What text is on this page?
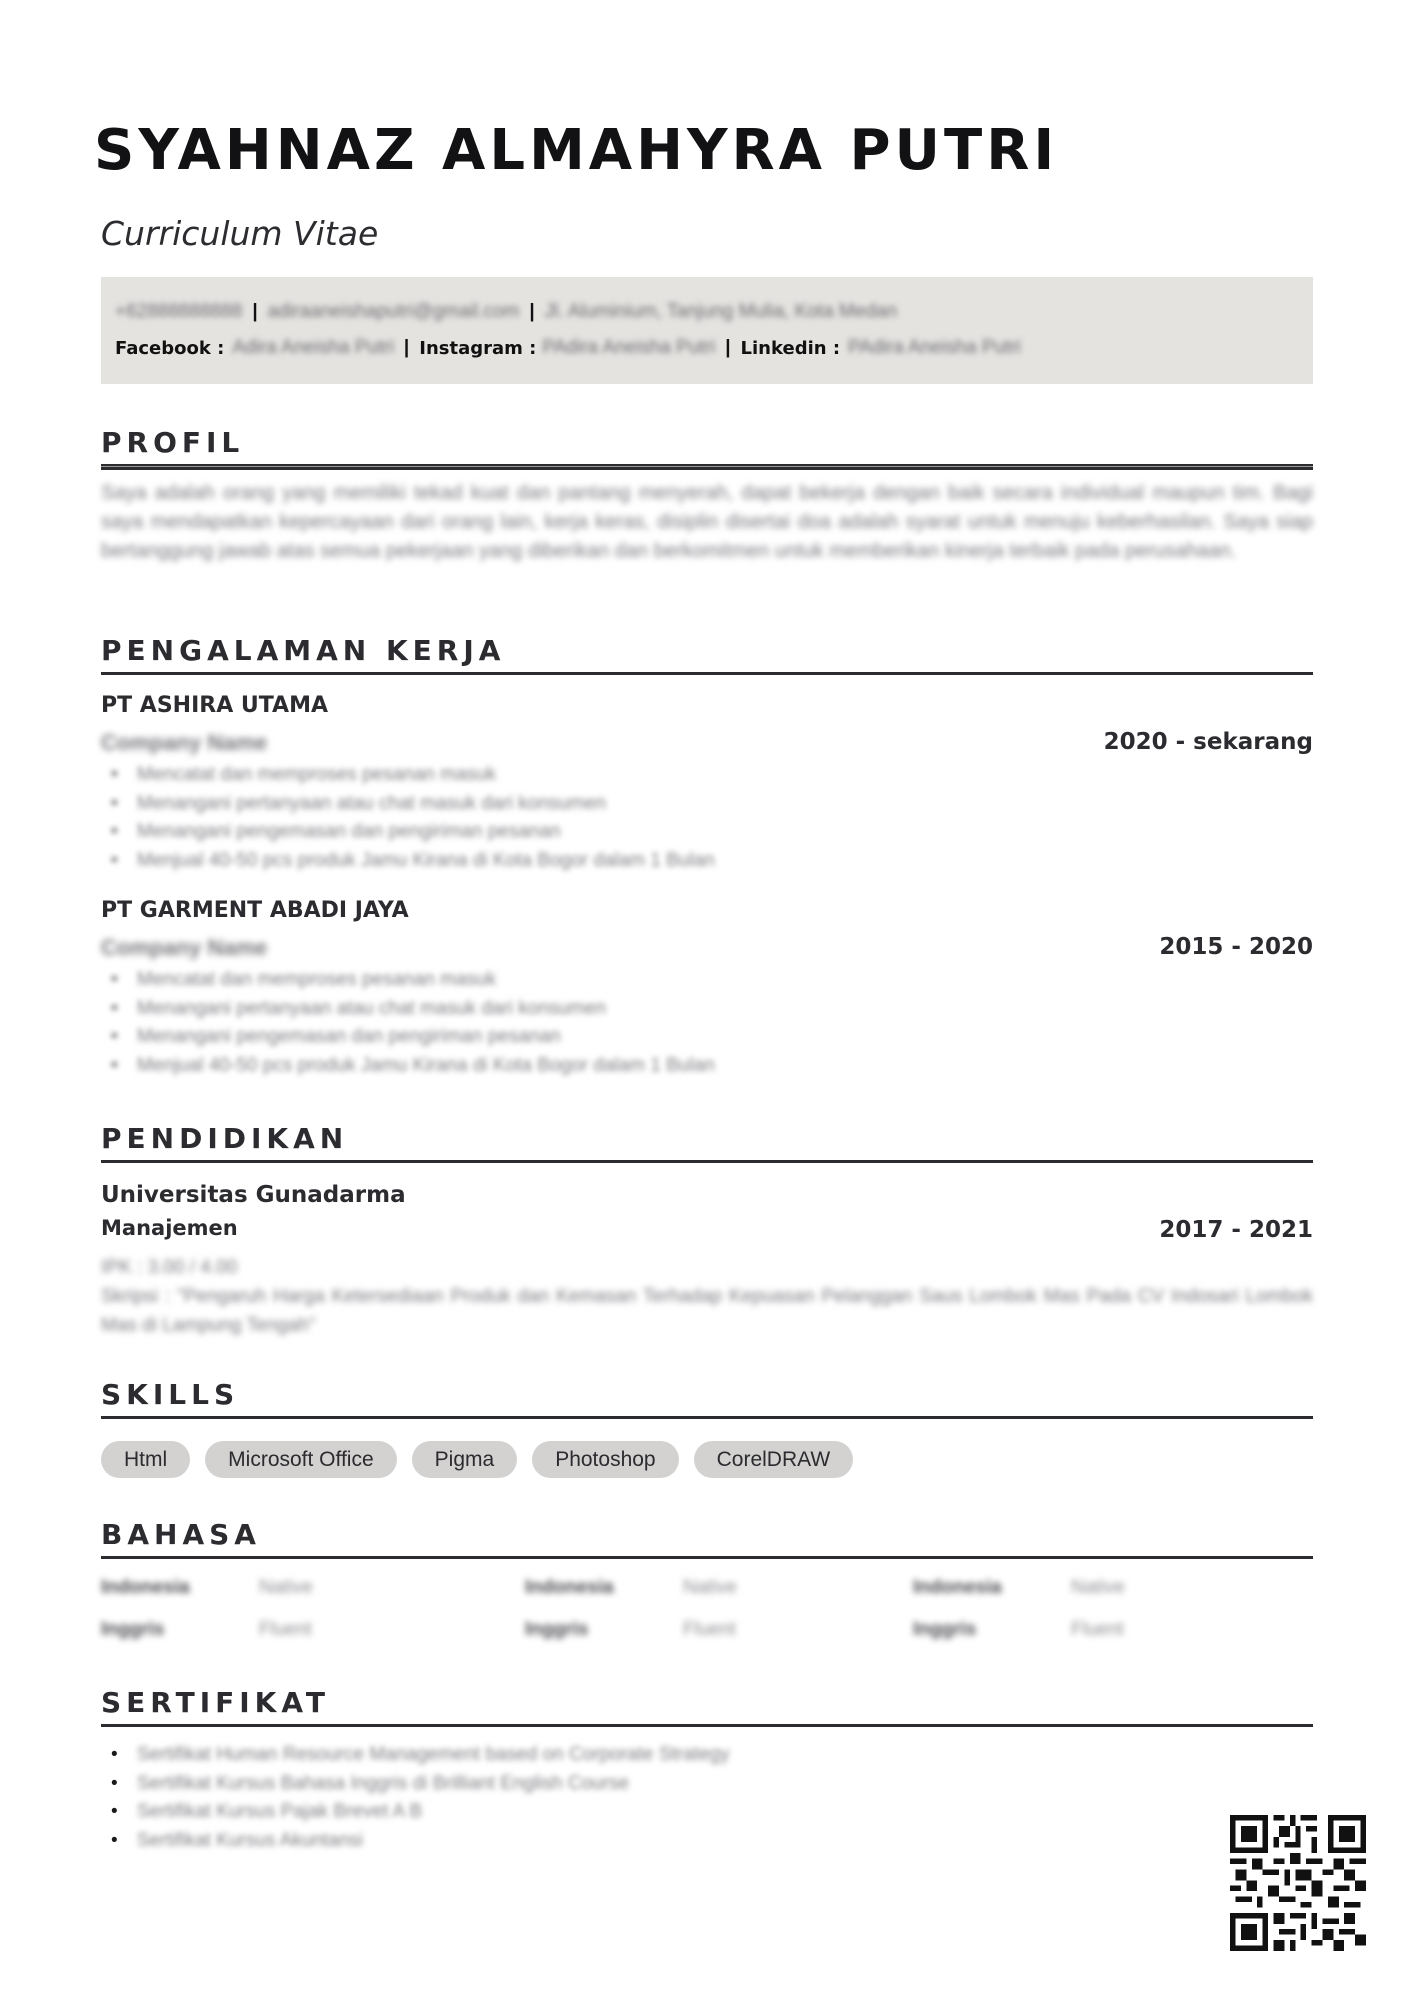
SYAHNAZ ALMAHYRA PUTRI
Curriculum Vitae
+62888888888 | adiraaneishaputri@gmail.com | Jl. Aluminium, Tanjung Mulia, Kota Medan
Facebook : Adira Aneisha Putri | Instagram : PAdira Aneisha Putri | Linkedin : PAdira Aneisha Putri
PROFIL
Saya adalah orang yang memiliki tekad kuat dan pantang menyerah, dapat bekerja dengan baik secara individual maupun tim. Bagi saya mendapatkan kepercayaan dari orang lain, kerja keras, disiplin disertai doa adalah syarat untuk menuju keberhasilan. Saya siap bertanggung jawab atas semua pekerjaan yang diberikan dan berkomitmen untuk memberikan kinerja terbaik pada perusahaan.
PENGALAMAN KERJA
PT ASHIRA UTAMA
Company Name	2020 - sekarang
• Mencatat dan memproses pesanan masuk
• Menangani pertanyaan atau chat masuk dari konsumen
• Menangani pengemasan dan pengiriman pesanan
• Menjual 40-50 pcs produk Jamu Kirana di Kota Bogor dalam 1 Bulan
PT GARMENT ABADI JAYA
Company Name	2015 - 2020
• Mencatat dan memproses pesanan masuk
• Menangani pertanyaan atau chat masuk dari konsumen
• Menangani pengemasan dan pengiriman pesanan
• Menjual 40-50 pcs produk Jamu Kirana di Kota Bogor dalam 1 Bulan
PENDIDIKAN
Universitas Gunadarma
Manajemen	2017 - 2021
IPK : 3.00 / 4.00
Skripsi : "Pengaruh Harga Ketersediaan Produk dan Kemasan Terhadap Kepuasan Pelanggan Saus Lombok Mas Pada CV Indosari Lombok Mas di Lampung Tengah"
SKILLS
Html	Microsoft Office	Pigma	Photoshop	CorelDRAW
BAHASA
Indonesia	Native
Inggris	Fluent
Indonesia	Native
Inggris	Fluent
Indonesia	Native
Inggris	Fluent
SERTIFIKAT
• Sertifikat Human Resource Management based on Corporate Strategy
• Sertifikat Kursus Bahasa Inggris di Brilliant English Course
• Sertifikat Kursus Pajak Brevet A B
• Sertifikat Kursus Akuntansi
